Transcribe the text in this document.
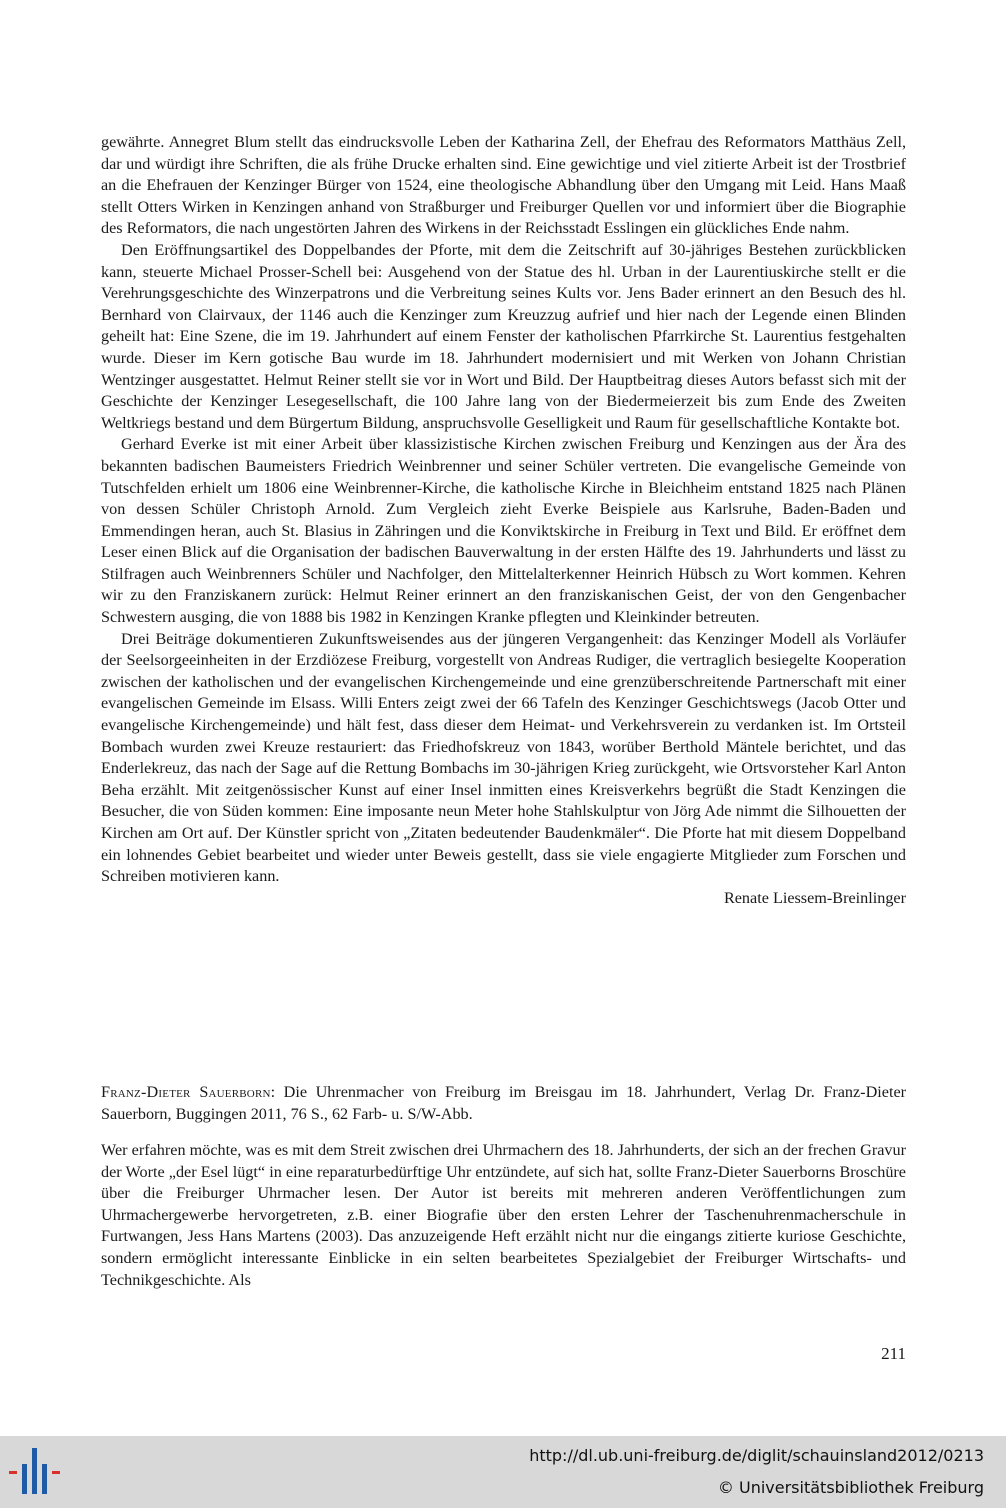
gewährte. Annegret Blum stellt das eindrucksvolle Leben der Katharina Zell, der Ehefrau des Reformators Matthäus Zell, dar und würdigt ihre Schriften, die als frühe Drucke erhalten sind. Eine gewichtige und viel zitierte Arbeit ist der Trostbrief an die Ehefrauen der Kenzinger Bürger von 1524, eine theologische Abhandlung über den Umgang mit Leid. Hans Maaß stellt Otters Wirken in Kenzingen anhand von Straßburger und Freiburger Quellen vor und informiert über die Biographie des Reformators, die nach ungestörten Jahren des Wirkens in der Reichsstadt Esslingen ein glückliches Ende nahm.

Den Eröffnungsartikel des Doppelbandes der Pforte, mit dem die Zeitschrift auf 30-jähriges Bestehen zurückblicken kann, steuerte Michael Prosser-Schell bei: Ausgehend von der Statue des hl. Urban in der Laurentiuskirche stellt er die Verehrungsgeschichte des Winzerpatrons und die Verbreitung seines Kults vor. Jens Bader erinnert an den Besuch des hl. Bernhard von Clairvaux, der 1146 auch die Kenzinger zum Kreuzzug aufrief und hier nach der Legende einen Blinden geheilt hat: Eine Szene, die im 19. Jahrhundert auf einem Fenster der katholischen Pfarrkirche St. Laurentius festgehalten wurde. Dieser im Kern gotische Bau wurde im 18. Jahrhundert modernisiert und mit Werken von Johann Christian Wentzinger ausgestattet. Helmut Reiner stellt sie vor in Wort und Bild. Der Hauptbeitrag dieses Autors befasst sich mit der Geschichte der Kenzinger Lesegesellschaft, die 100 Jahre lang von der Biedermeierzeit bis zum Ende des Zweiten Weltkriegs bestand und dem Bürgertum Bildung, anspruchsvolle Geselligkeit und Raum für gesellschaftliche Kontakte bot.

Gerhard Everke ist mit einer Arbeit über klassizistische Kirchen zwischen Freiburg und Kenzingen aus der Ära des bekannten badischen Baumeisters Friedrich Weinbrenner und seiner Schüler vertreten. Die evangelische Gemeinde von Tutschfelden erhielt um 1806 eine Weinbrenner-Kirche, die katholische Kirche in Bleichheim entstand 1825 nach Plänen von dessen Schüler Christoph Arnold. Zum Vergleich zieht Everke Beispiele aus Karlsruhe, Baden-Baden und Emmendingen heran, auch St. Blasius in Zähringen und die Konviktskirche in Freiburg in Text und Bild. Er eröffnet dem Leser einen Blick auf die Organisation der badischen Bauverwaltung in der ersten Hälfte des 19. Jahrhunderts und lässt zu Stilfragen auch Weinbrenners Schüler und Nachfolger, den Mittelalterkenner Heinrich Hübsch zu Wort kommen. Kehren wir zu den Franziskanern zurück: Helmut Reiner erinnert an den franziskanischen Geist, der von den Gengenbacher Schwestern ausging, die von 1888 bis 1982 in Kenzingen Kranke pflegten und Kleinkinder betreuten.

Drei Beiträge dokumentieren Zukunftsweisendes aus der jüngeren Vergangenheit: das Kenzinger Modell als Vorläufer der Seelsorgeeinheiten in der Erzdiözese Freiburg, vorgestellt von Andreas Rudiger, die vertraglich besiegelte Kooperation zwischen der katholischen und der evangelischen Kirchengemeinde und eine grenzüberschreitende Partnerschaft mit einer evangelischen Gemeinde im Elsass. Willi Enters zeigt zwei der 66 Tafeln des Kenzinger Geschichtswegs (Jacob Otter und evangelische Kirchengemeinde) und hält fest, dass dieser dem Heimat- und Verkehrsverein zu verdanken ist. Im Ortsteil Bombach wurden zwei Kreuze restauriert: das Friedhofskreuz von 1843, worüber Berthold Mäntele berichtet, und das Enderlekreuz, das nach der Sage auf die Rettung Bombachs im 30-jährigen Krieg zurückgeht, wie Ortsvorsteher Karl Anton Beha erzählt. Mit zeitgenössischer Kunst auf einer Insel inmitten eines Kreisverkehrs begrüßt die Stadt Kenzingen die Besucher, die von Süden kommen: Eine imposante neun Meter hohe Stahlskulptur von Jörg Ade nimmt die Silhouetten der Kirchen am Ort auf. Der Künstler spricht von „Zitaten bedeutender Baudenkmäler“. Die Pforte hat mit diesem Doppelband ein lohnendes Gebiet bearbeitet und wieder unter Beweis gestellt, dass sie viele engagierte Mitglieder zum Forschen und Schreiben motivieren kann.

Renate Liessem-Breinlinger

Franz-Dieter Sauerborn: Die Uhrenmacher von Freiburg im Breisgau im 18. Jahrhundert, Verlag Dr. Franz-Dieter Sauerborn, Buggingen 2011, 76 S., 62 Farb- u. S/W-Abb.

Wer erfahren möchte, was es mit dem Streit zwischen drei Uhrmachern des 18. Jahrhunderts, der sich an der frechen Gravur der Worte „der Esel lügt“ in eine reparaturbedürftige Uhr entzündete, auf sich hat, sollte Franz-Dieter Sauerborns Broschüre über die Freiburger Uhrmacher lesen. Der Autor ist bereits mit mehreren anderen Veröffentlichungen zum Uhrmachergewerbe hervorgetreten, z.B. einer Biografie über den ersten Lehrer der Taschenuhrenmacherschule in Furtwangen, Jess Hans Martens (2003). Das anzuzeigende Heft erzählt nicht nur die eingangs zitierte kuriose Geschichte, sondern ermöglicht interessante Einblicke in ein selten bearbeitetes Spezialgebiet der Freiburger Wirtschafts- und Technikgeschichte. Als

211
http://dl.ub.uni-freiburg.de/diglit/schauinsland2012/0213
© Universitätsbibliothek Freiburg
